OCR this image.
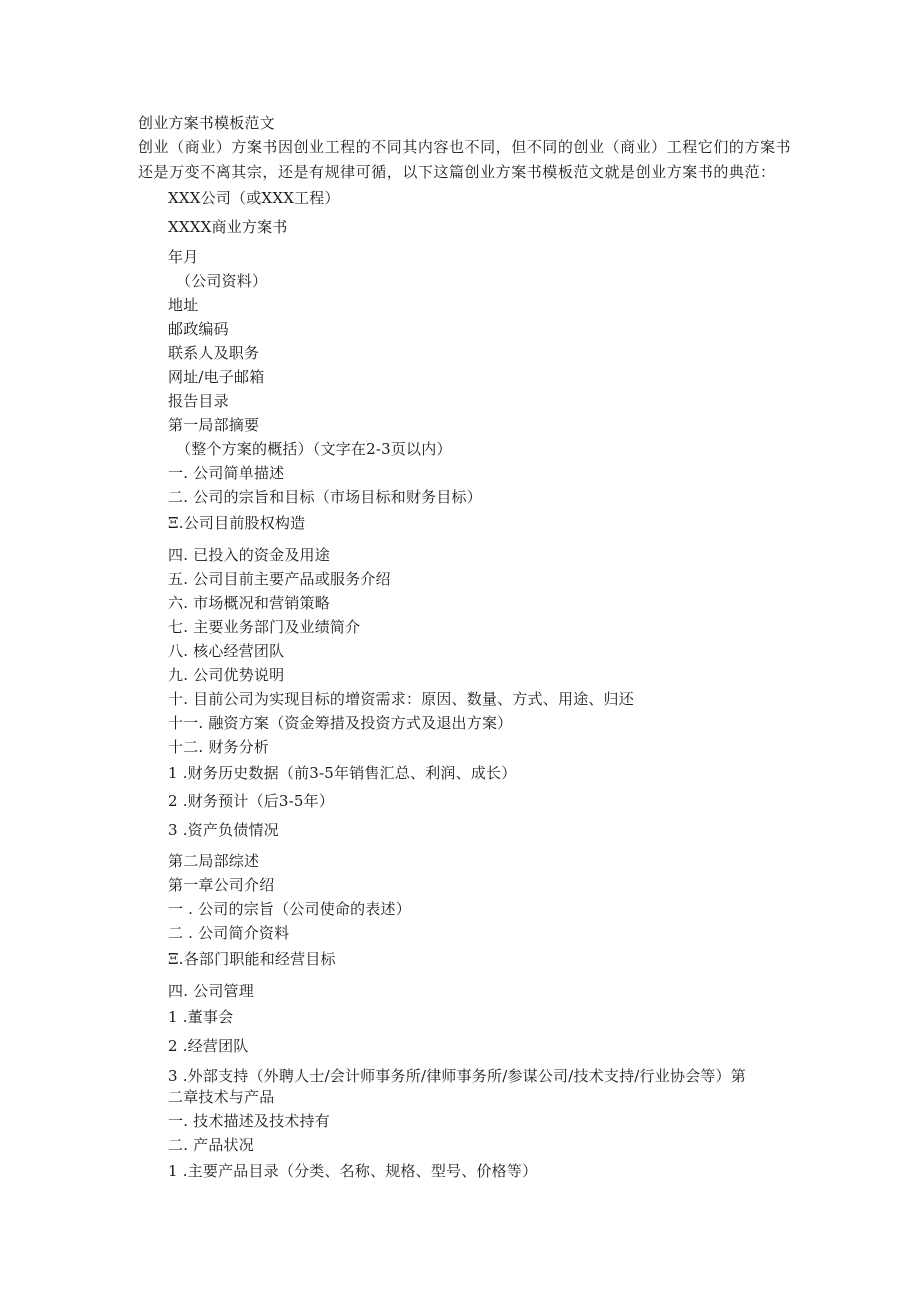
创业方案书模板范文
创业（商业）方案书因创业工程的不同其内容也不同，但不同的创业（商业）工程它们的方案书
还是万变不离其宗，还是有规律可循，以下这篇创业方案书模板范文就是创业方案书的典范：
XXX公司（或XXX工程）
XXXX商业方案书
年月
（公司资料）
地址
邮政编码
联系人及职务
网址/电子邮箱
报告目录
第一局部摘要
（整个方案的概括）（文字在2-3页以内）
一. 公司简单描述
二. 公司的宗旨和目标（市场目标和财务目标）
Ξ.公司目前股权构造
四. 已投入的资金及用途
五. 公司目前主要产品或服务介绍
六. 市场概况和营销策略
七. 主要业务部门及业绩简介
八. 核心经营团队
九. 公司优势说明
十. 目前公司为实现目标的增资需求：原因、数量、方式、用途、归还
十一. 融资方案（资金筹措及投资方式及退出方案）
十二. 财务分析
1 .财务历史数据（前3-5年销售汇总、利润、成长）
2 .财务预计（后3-5年）
3 .资产负债情况
第二局部综述
第一章公司介绍
一 . 公司的宗旨（公司使命的表述）
二 . 公司简介资料
Ξ.各部门职能和经营目标
四. 公司管理
1 .董事会
2 .经营团队
3 .外部支持（外聘人士/会计师事务所/律师事务所/参谋公司/技术支持/行业协会等）第
二章技术与产品
一. 技术描述及技术持有
二. 产品状况
1 .主要产品目录（分类、名称、规格、型号、价格等）
